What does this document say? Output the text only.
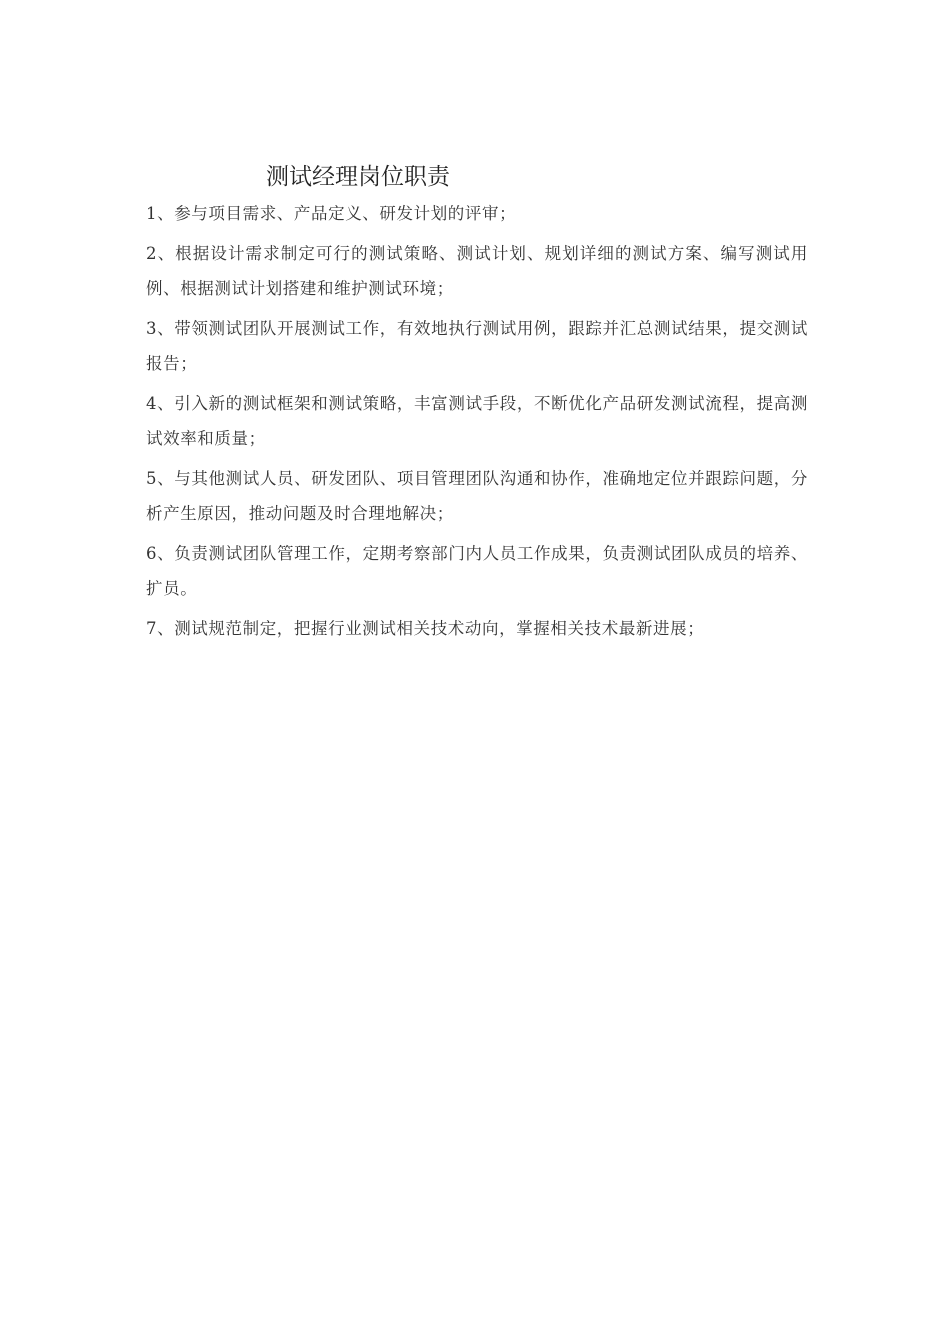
测试经理岗位职责
1、参与项目需求、产品定义、研发计划的评审；
2、根据设计需求制定可行的测试策略、测试计划、规划详细的测试方案、编写测试用例、根据测试计划搭建和维护测试环境；
3、带领测试团队开展测试工作，有效地执行测试用例，跟踪并汇总测试结果，提交测试报告；
4、引入新的测试框架和测试策略，丰富测试手段，不断优化产品研发测试流程，提高测试效率和质量；
5、与其他测试人员、研发团队、项目管理团队沟通和协作，准确地定位并跟踪问题，分析产生原因，推动问题及时合理地解决；
6、负责测试团队管理工作，定期考察部门内人员工作成果，负责测试团队成员的培养、扩员。
7、测试规范制定，把握行业测试相关技术动向，掌握相关技术最新进展；
